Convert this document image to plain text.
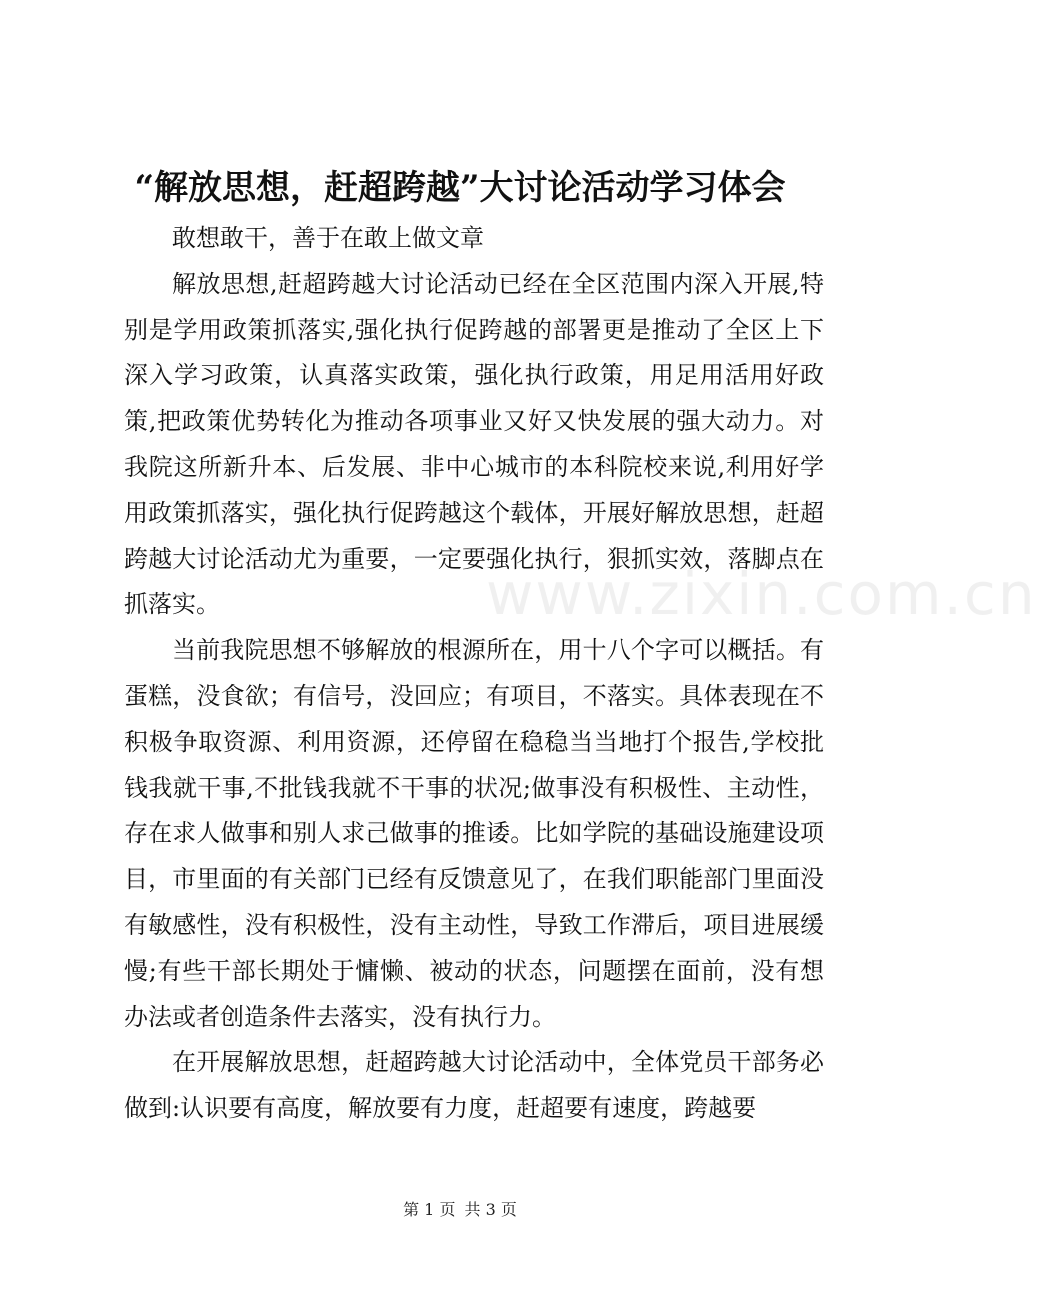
“解放思想，赶超跨越”大讨论活动学习体会

敢想敢干，善于在敢上做文章

解放思想,赶超跨越大讨论活动已经在全区范围内深入开展,特别是学用政策抓落实,强化执行促跨越的部署更是推动了全区上下深入学习政策，认真落实政策，强化执行政策，用足用活用好政策,把政策优势转化为推动各项事业又好又快发展的强大动力。对我院这所新升本、后发展、非中心城市的本科院校来说,利用好学用政策抓落实，强化执行促跨越这个载体，开展好解放思想，赶超跨越大讨论活动尤为重要，一定要强化执行，狠抓实效，落脚点在抓落实。

当前我院思想不够解放的根源所在，用十八个字可以概括。有蛋糕，没食欲；有信号，没回应；有项目，不落实。具体表现在不积极争取资源、利用资源，还停留在稳稳当当地打个报告,学校批钱我就干事,不批钱我就不干事的状况;做事没有积极性、主动性，存在求人做事和别人求己做事的推诿。比如学院的基础设施建设项目，市里面的有关部门已经有反馈意见了，在我们职能部门里面没有敏感性，没有积极性，没有主动性，导致工作滞后，项目进展缓慢;有些干部长期处于慵懒、被动的状态，问题摆在面前，没有想办法或者创造条件去落实，没有执行力。

在开展解放思想，赶超跨越大讨论活动中，全体党员干部务必做到:认识要有高度，解放要有力度，赶超要有速度，跨越要

www.zixin.com.cn
第 1 页 共 3 页
